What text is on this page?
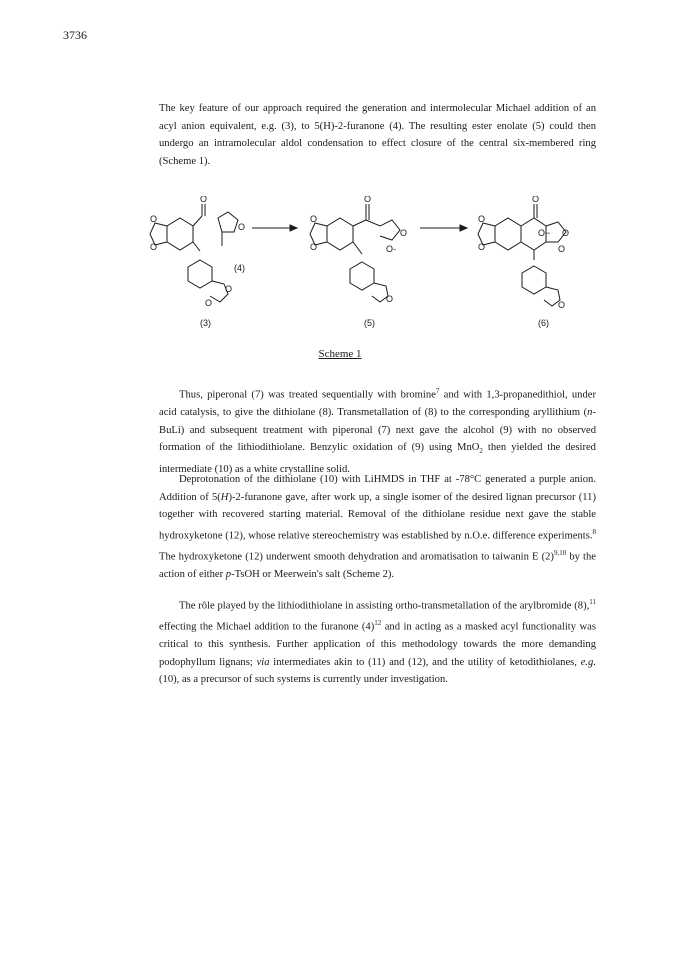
3736

The key feature of our approach required the generation and intermolecular Michael addition of an acyl anion equivalent, e.g. (3), to 5(H)-2-furanone (4). The resulting ester enolate (5) could then undergo an intramolecular aldol condensation to effect closure of the central six-membered ring (Scheme 1).

O
O
O
O
O
O
O
O
O
O
O-
O
O
O
O
O− O
O
O
(4)
(3)	(5)	(6)
Scheme 1

Thus, piperonal (7) was treated sequentially with bromine$^7$ and with 1,3-propanedithiol, under acid catalysis, to give the dithiolane (8). Transmetallation of (8) to the corresponding aryllithium (n-BuLi) and subsequent treatment with piperonal (7) next gave the alcohol (9) with no observed formation of the lithiodithiolane. Benzylic oxidation of (9) using MnO$_2$ then yielded the desired intermediate (10) as a white crystalline solid.

Deprotonation of the dithiolane (10) with LiHMDS in THF at -78°C generated a purple anion. Addition of 5(H)-2-furanone gave, after work up, a single isomer of the desired lignan precursor (11) together with recovered starting material. Removal of the dithiolane residue next gave the stable hydroxyketone (12), whose relative stereochemistry was established by n.O.e. difference experiments.$^8$ The hydroxyketone (12) underwent smooth dehydration and aromatisation to taiwanin E $(2)^{9,10}$ by the action of either p-TsOH or Meerwein's salt (Scheme 2).

The rôle played by the lithiodithiolane in assisting ortho-transmetallation of the arylbromide (8),$^{11}$ effecting the Michael addition to the furanone $(4)^{12}$ and in acting as a masked acyl functionality was critical to this synthesis. Further application of this methodology towards the more demanding podophyllum lignans; via intermediates akin to (11) and (12), and the utility of ketodithiolanes, e.g. (10), as a precursor of such systems is currently under investigation.
